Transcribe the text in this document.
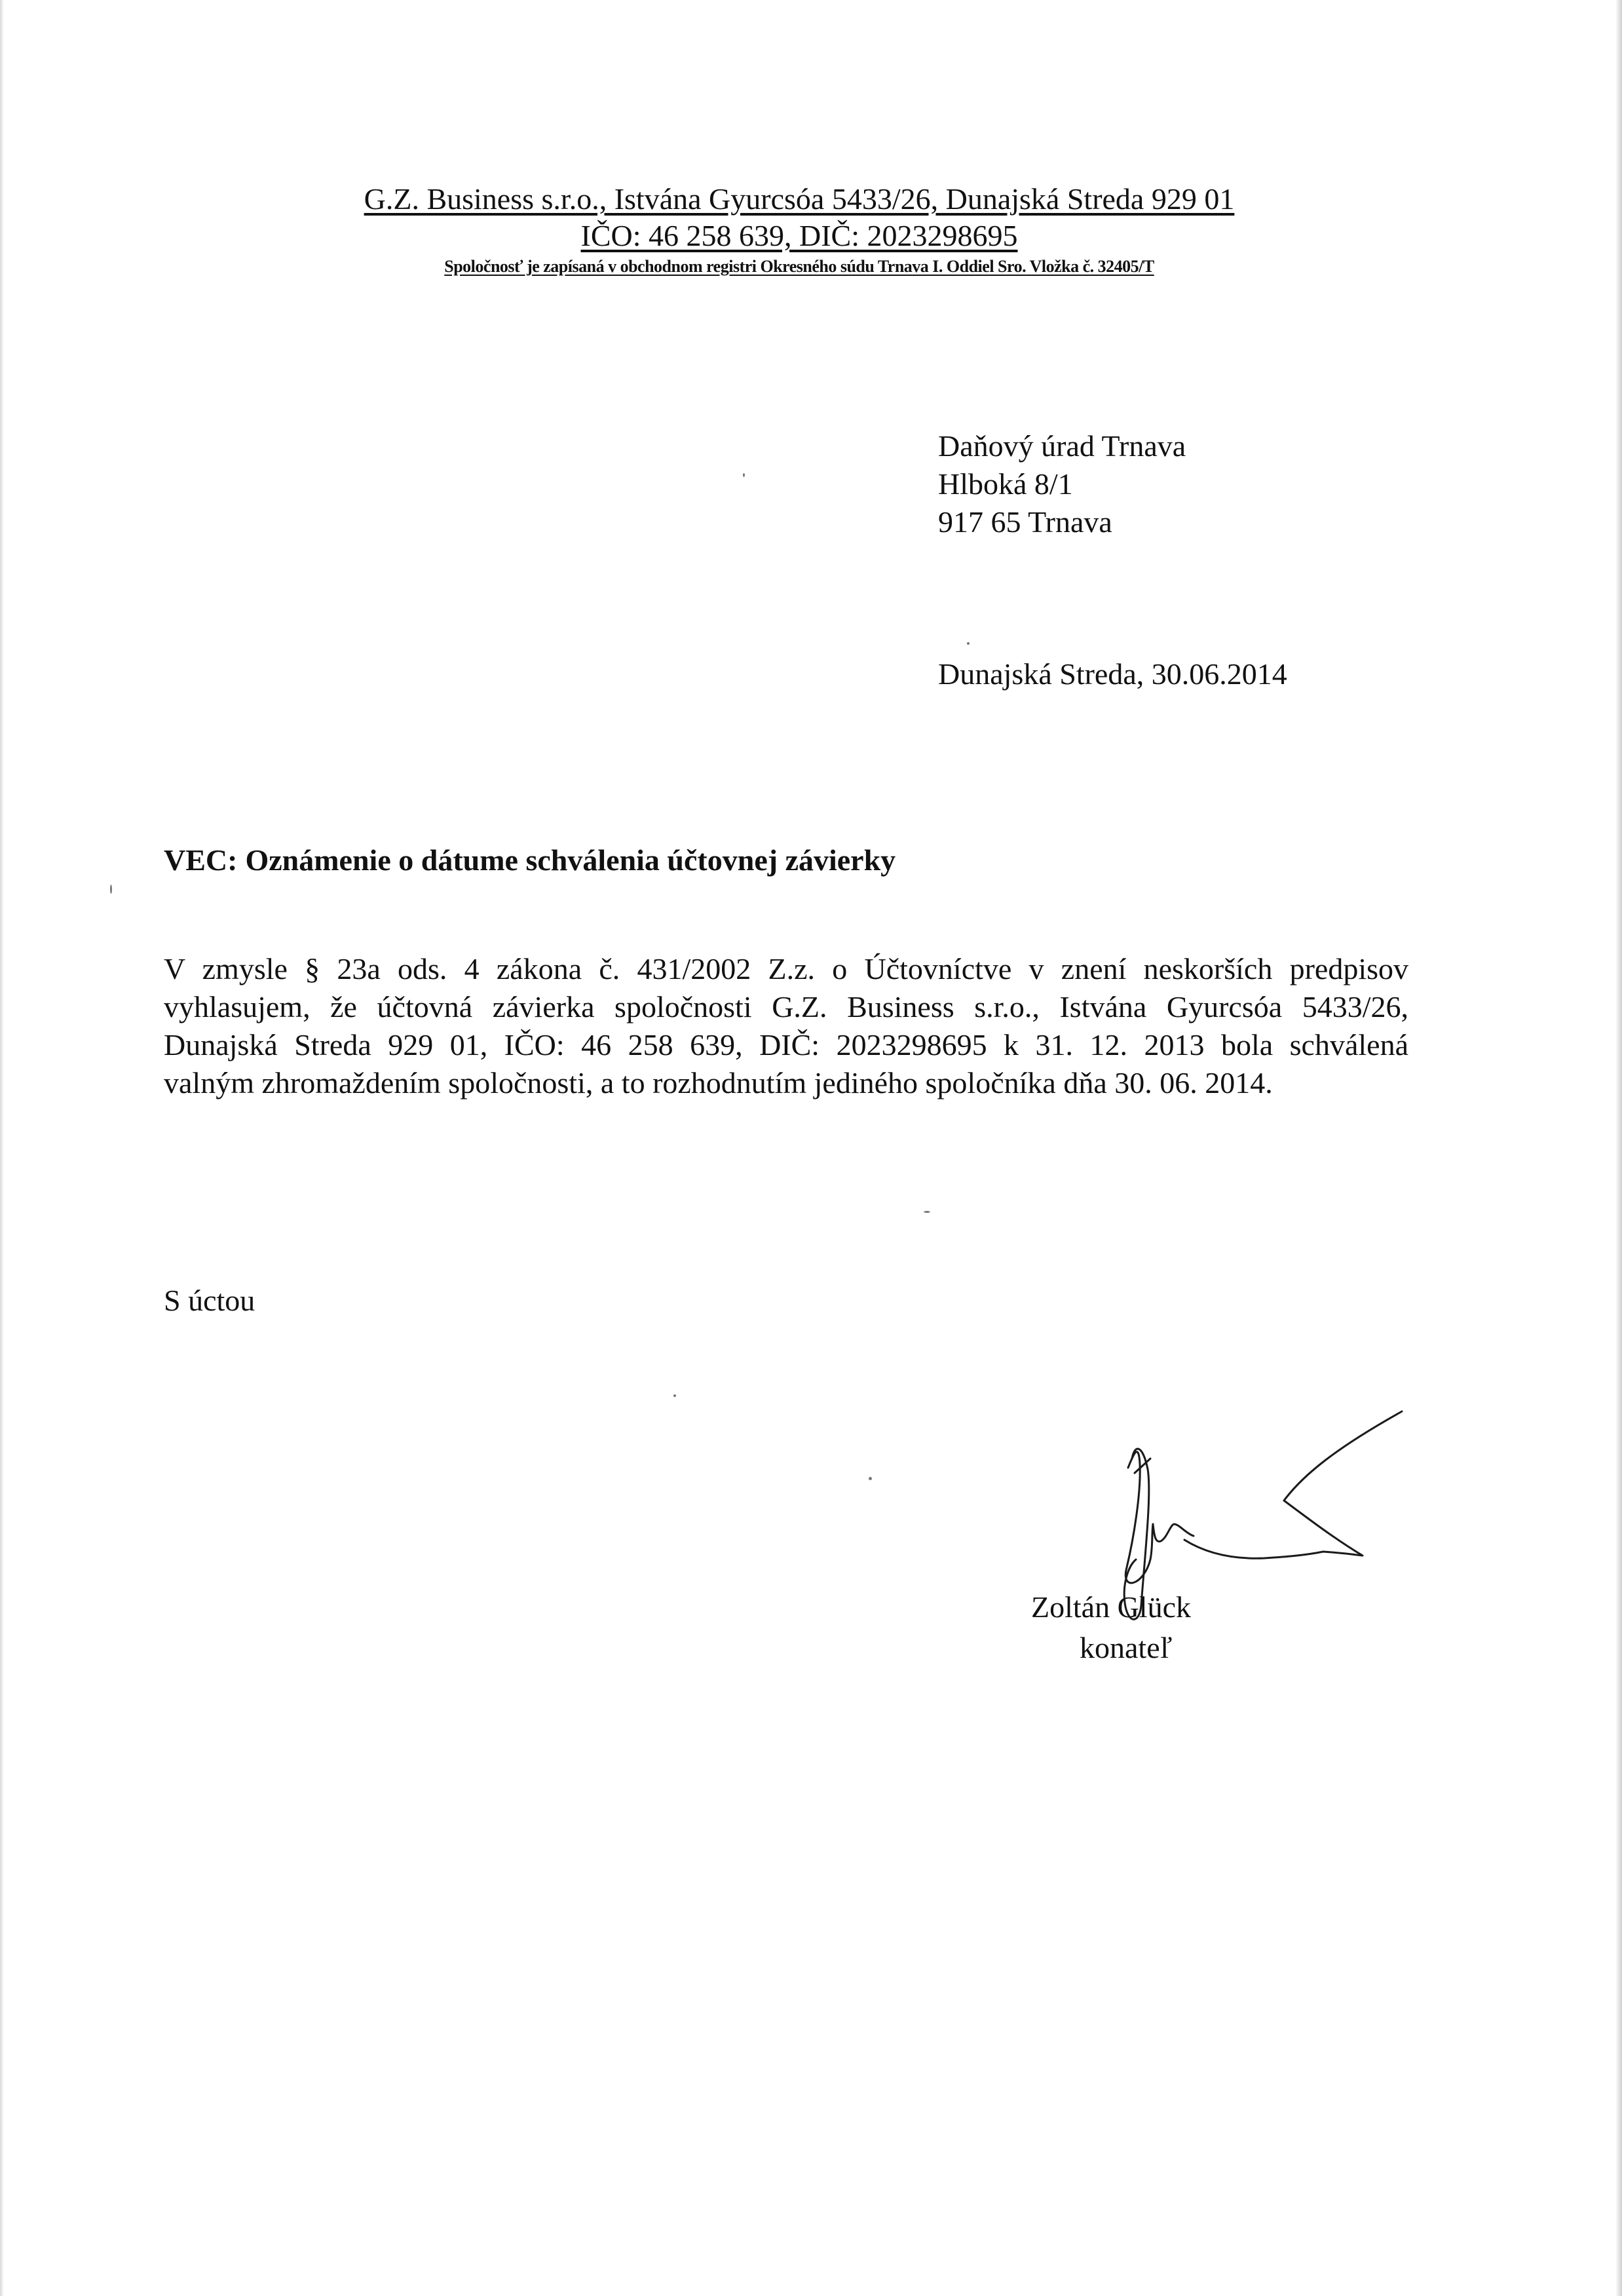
G.Z. Business s.r.o., Istvána Gyurcsóa 5433/26, Dunajská Streda 929 01
IČO: 46 258 639, DIČ: 2023298695
Spoločnosť je zapísaná v obchodnom registri Okresného súdu Trnava I. Oddiel Sro. Vložka č. 32405/T
Daňový úrad Trnava
Hlboká 8/1
917 65 Trnava
Dunajská Streda, 30.06.2014
VEC: Oznámenie o dátume schválenia účtovnej závierky
V zmysle § 23a ods. 4 zákona č. 431/2002 Z.z. o Účtovníctve v znení neskorších predpisov
vyhlasujem, že účtovná závierka spoločnosti G.Z. Business s.r.o., Istvána Gyurcsóa 5433/26,
Dunajská Streda 929 01, IČO: 46 258 639, DIČ: 2023298695 k 31. 12. 2013 bola schválená
valným zhromaždením spoločnosti, a to rozhodnutím jediného spoločníka dňa 30. 06. 2014.
S úctou
Zoltán Glück
konateľ
